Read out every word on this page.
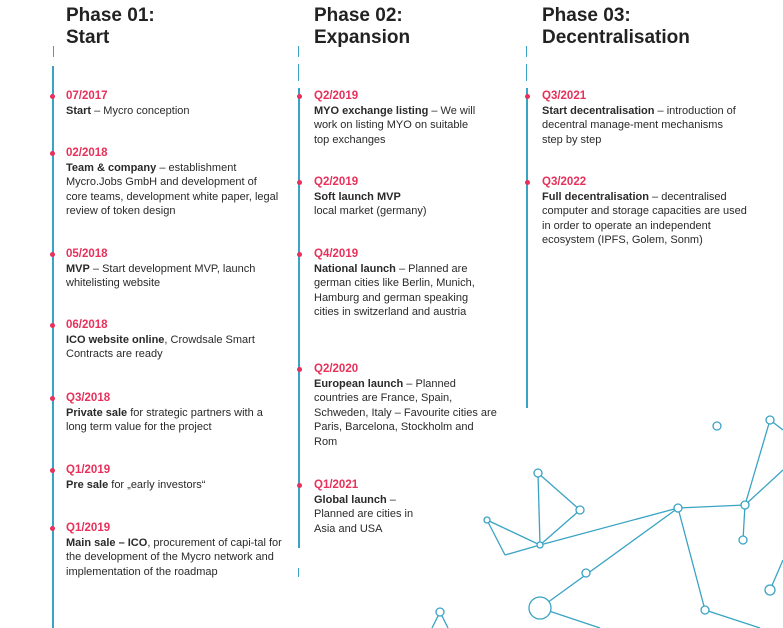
Phase 01:
Start
Phase 02:
Expansion
Phase 03:
Decentralisation
07/2017
Start – Mycro conception
02/2018
Team & company – establishment Mycro.Jobs GmbH and development of core teams, development white paper, legal review of token design
05/2018
MVP – Start development MVP, launch whitelisting website
06/2018
ICO website online, Crowdsale Smart Contracts are ready
Q3/2018
Private sale for strategic partners with a long term value for the project
Q1/2019
Pre sale for „early investors“
Q1/2019
Main sale – ICO, procurement of capi-tal for the development of the Mycro network and implementation of the roadmap
Q2/2019
MYO exchange listing – We will work on listing MYO on suitable top exchanges
Q2/2019
Soft launch MVP
local market (germany)
Q4/2019
National launch – Planned are german cities like Berlin, Munich, Hamburg and german speaking cities in switzerland and austria
Q2/2020
European launch – Planned countries are France, Spain, Schweden, Italy – Favourite cities are Paris, Barcelona, Stockholm and Rom
Q1/2021
Global launch – Planned are cities in Asia and USA
Q3/2021
Start decentralisation – introduction of decentral manage-ment mechanisms step by step
Q3/2022
Full decentralisation – decentralised computer and storage capacities are used in order to operate an independent ecosystem (IPFS, Golem, Sonm)
